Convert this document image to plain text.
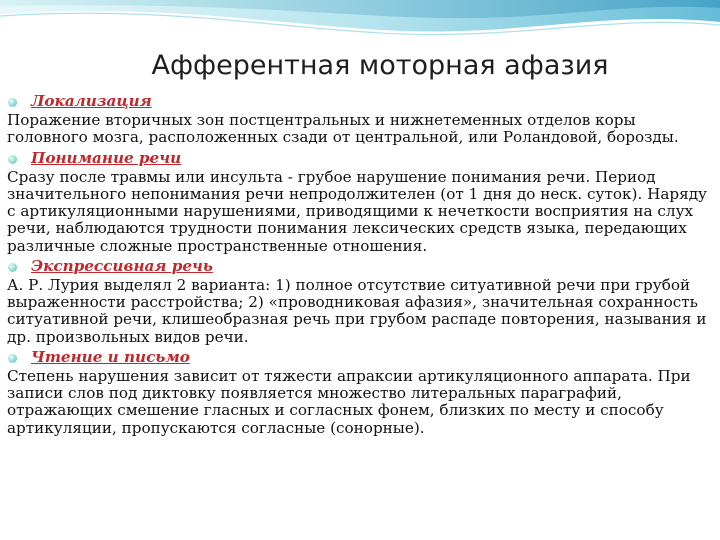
Афферентная моторная афазия
Локализация

Поражение вторичных зон постцентральных и нижнетеменных отделов коры головного мозга, расположенных сзади от центральной, или Роландовой, борозды.

Понимание речи

Сразу после травмы или инсульта - грубое нарушение понимания речи. Период значительного непонимания речи непродолжителен (от 1 дня до неск. суток). Наряду с артикуляционными нарушениями, приводящими к нечеткости восприятия на слух речи, наблюдаются трудности понимания лексических средств языка, передающих различные сложные пространственные отношения.

Экспрессивная речь

А. Р. Лурия выделял 2 варианта: 1) полное отсутствие ситуативной речи при грубой выраженности расстройства; 2) «проводниковая афазия», значительная сохранность ситуативной речи, клишеобразная речь при грубом распаде повторения, называния и др. произвольных видов речи.

Чтение и письмо

Степень нарушения зависит от тяжести апраксии артикуляционного аппарата. При записи слов под диктовку появляется множество литеральных параграфий, отражающих смешение гласных и согласных фонем, близких по месту и способу артикуляции, пропускаются согласные (сонорные).
